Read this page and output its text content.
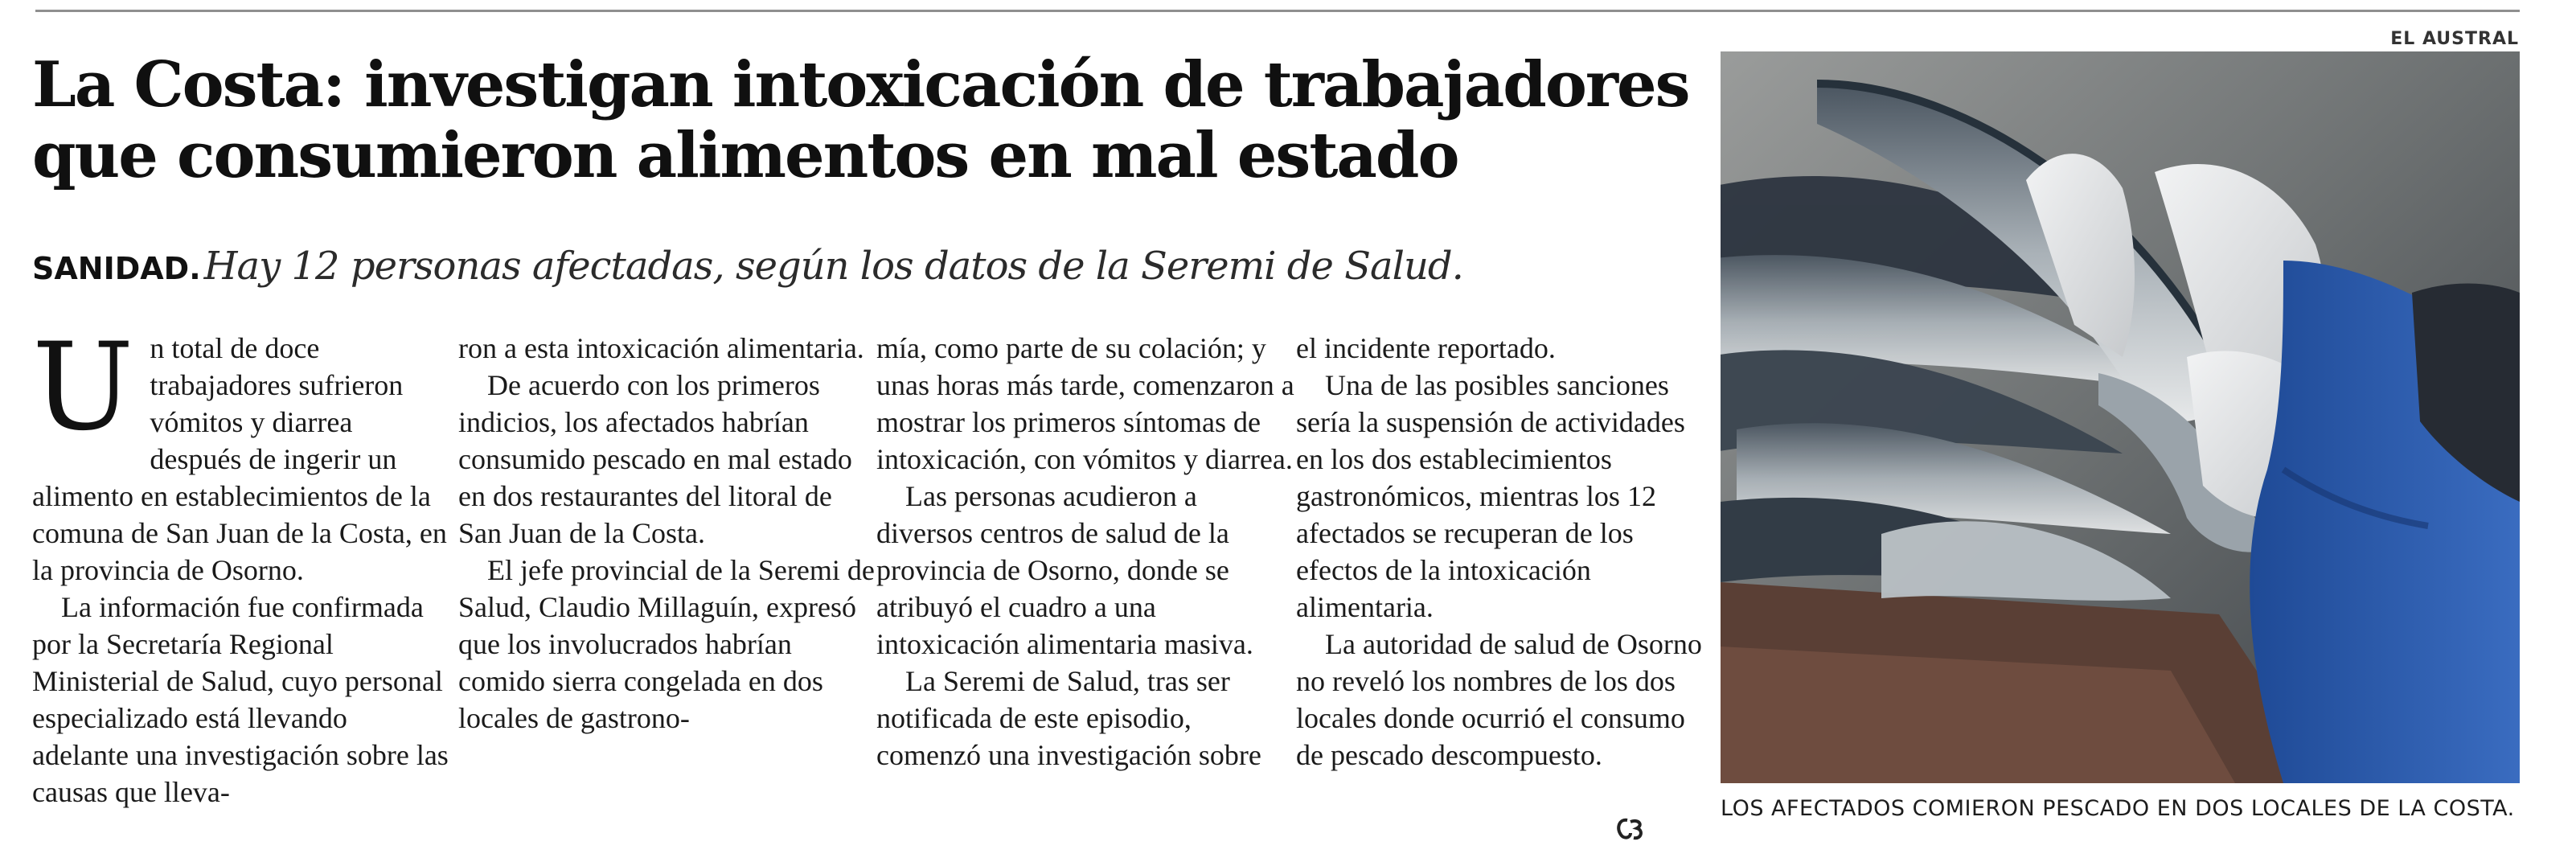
EL AUSTRAL
La Costa: investigan intoxicación de trabajadores
que consumieron alimentos en mal estado
SANIDAD. Hay 12 personas afectadas, según los datos de la Seremi de Salud.

Un total de doce trabajadores sufrieron vómitos y diarrea después de ingerir un alimento en establecimientos de la comuna de San Juan de la Costa, en la provincia de Osorno.

La información fue confirmada por la Secretaría Regional Ministerial de Salud, cuyo personal especializado está llevando adelante una investigación sobre las causas que lleva-

ron a esta intoxicación alimentaria.

De acuerdo con los primeros indicios, los afectados habrían consumido pescado en mal estado en dos restaurantes del litoral de San Juan de la Costa.

El jefe provincial de la Seremi de Salud, Claudio Millaguín, expresó que los involucrados habrían comido sierra congelada en dos locales de gastrono-

mía, como parte de su colación; y unas horas más tarde, comenzaron a mostrar los primeros síntomas de intoxicación, con vómitos y diarrea.

Las personas acudieron a diversos centros de salud de la provincia de Osorno, donde se atribuyó el cuadro a una intoxicación alimentaria masiva.

La Seremi de Salud, tras ser notificada de este episodio, comenzó una investigación sobre

el incidente reportado.

Una de las posibles sanciones sería la suspensión de actividades en los dos establecimientos gastronómicos, mientras los 12 afectados se recuperan de los efectos de la intoxicación alimentaria.

La autoridad de salud de Osorno no reveló los nombres de los dos locales donde ocurrió el consumo de pescado descompuesto.

LOS AFECTADOS COMIERON PESCADO EN DOS LOCALES DE LA COSTA.
